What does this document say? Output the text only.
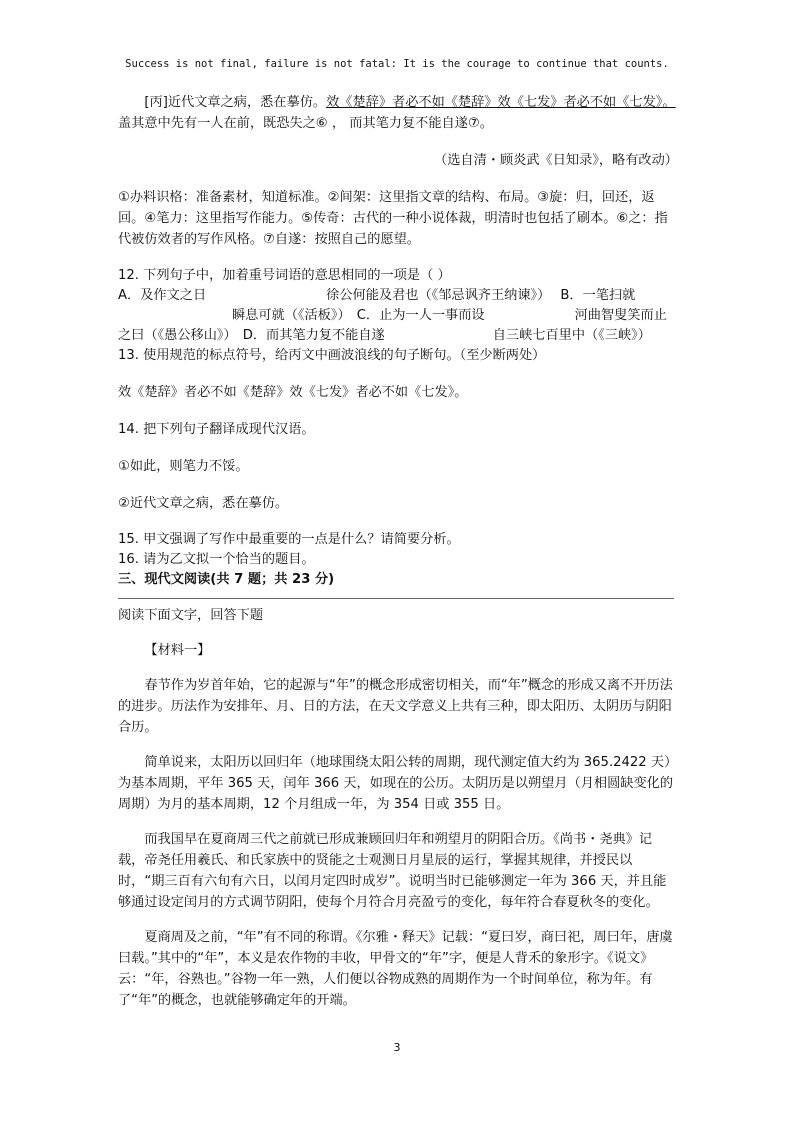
Success is not final, failure is not fatal: It is the courage to continue that counts.

[丙]近代文章之病，悉在摹仿。效《楚辞》者必不如《楚辞》效《七发》者必不如《七发》。盖其意中先有一人在前，既恐失之⑥ ， 而其笔力复不能自遂⑦。

（选自清・顾炎武《日知录》，略有改动）

①办料识格：准备素材，知道标准。②间架：这里指文章的结构、布局。③旋：归，回还，返回。④笔力：这里指写作能力。⑤传奇：古代的一种小说体裁，明清时也包括了刷本。⑥之：指代被仿效者的写作风格。⑦自遂：按照自己的愿望。

12. 下列句子中，加着重号词语的意思相同的一项是（ ）

A．及作文之日	徐公何能及君也（《邹忌讽齐王纳谏》） B．一笔扫就
瞬息可就（《活板》） C．止为一人一事而设	河曲智叟笑而止之曰（《愚公移山》） D．而其笔力复不能自遂	自三峡七百里中（《三峡》）

13. 使用规范的标点符号，给丙文中画波浪线的句子断句。（至少断两处）

效《楚辞》者必不如《楚辞》效《七发》者必不如《七发》。

14. 把下列句子翻译成现代汉语。

①如此，则笔力不馁。

②近代文章之病，悉在摹仿。

15. 甲文强调了写作中最重要的一点是什么？请简要分析。

16. 请为乙文拟一个恰当的题目。

三、现代文阅读(共 7 题；共 23 分)

阅读下面文字，回答下题

【材料一】

春节作为岁首年始，它的起源与“年”的概念形成密切相关，而“年”概念的形成又离不开历法的进步。历法作为安排年、月、日的方法，在天文学意义上共有三种，即太阳历、太阴历与阴阳合历。

简单说来，太阳历以回归年（地球围绕太阳公转的周期，现代测定值大约为 365.2422 天）为基本周期，平年 365 天，闰年 366 天，如现在的公历。太阴历是以朔望月（月相圆缺变化的周期）为月的基本周期，12 个月组成一年，为 354 日或 355 日。

而我国早在夏商周三代之前就已形成兼顾回归年和朔望月的阴阳合历。《尚书・尧典》记载，帝尧任用羲氏、和氏家族中的贤能之士观测日月星辰的运行，掌握其规律，并授民以时，“期三百有六旬有六日，以闰月定四时成岁”。说明当时已能够测定一年为 366 天，并且能够通过设定闰月的方式调节阴阳，使每个月符合月亮盈亏的变化，每年符合春夏秋冬的变化。

夏商周及之前，“年”有不同的称谓。《尔雅・释天》记载：“夏曰岁，商曰祀，周曰年，唐虞曰载。”其中的“年”，本义是农作物的丰收，甲骨文的“年”字，便是人背禾的象形字。《说文》云：“年，谷熟也。”谷物一年一熟，人们便以谷物成熟的周期作为一个时间单位，称为年。有了“年”的概念，也就能够确定年的开端。

3
